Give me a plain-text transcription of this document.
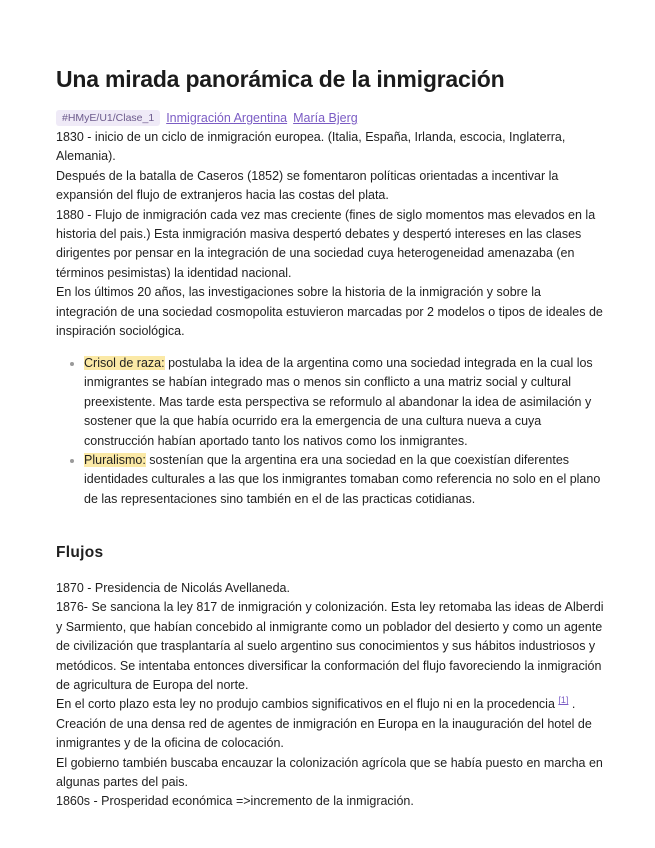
Una mirada panorámica de la inmigración
#HMyE/U1/Clase_1 Inmigración Argentina María Bjerg

1830 - inicio de un ciclo de inmigración europea. (Italia, España, Irlanda, escocia, Inglaterra, Alemania).

Después de la batalla de Caseros (1852) se fomentaron políticas orientadas a incentivar la expansión del flujo de extranjeros hacia las costas del plata.

1880 - Flujo de inmigración cada vez mas creciente (fines de siglo momentos mas elevados en la historia del pais.) Esta inmigración masiva despertó debates y despertó intereses en las clases dirigentes por pensar en la integración de una sociedad cuya heterogeneidad amenazaba (en términos pesimistas) la identidad nacional.

En los últimos 20 años, las investigaciones sobre la historia de la inmigración y sobre la integración de una sociedad cosmopolita estuvieron marcadas por 2 modelos o tipos de ideales de inspiración sociológica.

Crisol de raza: postulaba la idea de la argentina como una sociedad integrada en la cual los inmigrantes se habían integrado mas o menos sin conflicto a una matriz social y cultural preexistente. Mas tarde esta perspectiva se reformulo al abandonar la idea de asimilación y sostener que la que había ocurrido era la emergencia de una cultura nueva a cuya construcción habían aportado tanto los nativos como los inmigrantes.
Pluralismo: sostenían que la argentina era una sociedad en la que coexistían diferentes identidades culturales a las que los inmigrantes tomaban como referencia no solo en el plano de las representaciones sino también en el de las practicas cotidianas.
Flujos

1870 - Presidencia de Nicolás Avellaneda.

1876- Se sanciona la ley 817 de inmigración y colonización. Esta ley retomaba las ideas de Alberdi y Sarmiento, que habían concebido al inmigrante como un poblador del desierto y como un agente de civilización que trasplantaría al suelo argentino sus conocimientos y sus hábitos industriosos y metódicos. Se intentaba entonces diversificar la conformación del flujo favoreciendo la inmigración de agricultura de Europa del norte.

En el corto plazo esta ley no produjo cambios significativos en el flujo ni en la procedencia [1] .

Creación de una densa red de agentes de inmigración en Europa en la inauguración del hotel de inmigrantes y de la oficina de colocación.

El gobierno también buscaba encauzar la colonización agrícola que se había puesto en marcha en algunas partes del pais.

1860s - Prosperidad económica =>incremento de la inmigración.
